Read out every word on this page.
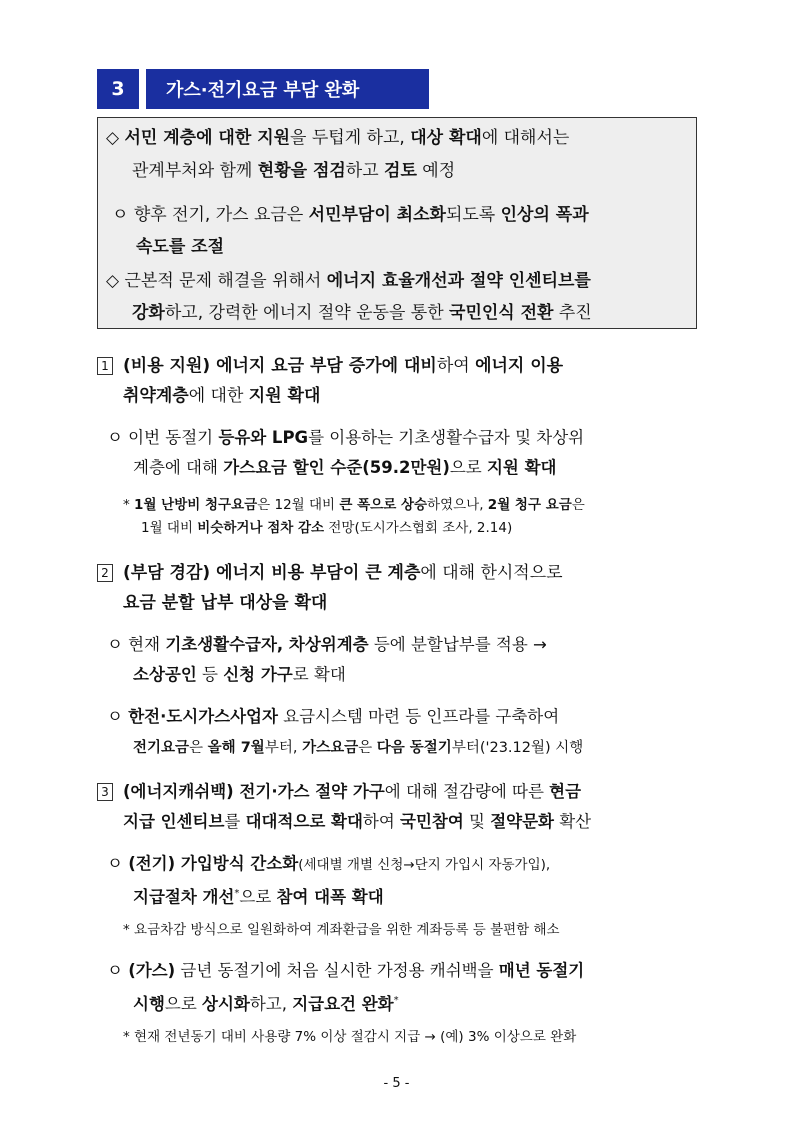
3	가스·전기요금 부담 완화
◇ 서민 계층에 대한 지원을 두텁게 하고, 대상 확대에 대해서는
관계부처와 함께 현황을 점검하고 검토 예정
ㅇ 향후 전기, 가스 요금은 서민부담이 최소화되도록 인상의 폭과
속도를 조절
◇ 근본적 문제 해결을 위해서 에너지 효율개선과 절약 인센티브를
강화하고, 강력한 에너지 절약 운동을 통한 국민인식 전환 추진
1 (비용 지원) 에너지 요금 부담 증가에 대비하여 에너지 이용
취약계층에 대한 지원 확대
ㅇ 이번 동절기 등유와 LPG를 이용하는 기초생활수급자 및 차상위
계층에 대해 가스요금 할인 수준(59.2만원)으로 지원 확대
* 1월 난방비 청구요금은 12월 대비 큰 폭으로 상승하였으나, 2월 청구 요금은
1월 대비 비슷하거나 점차 감소 전망(도시가스협회 조사, 2.14)
2 (부담 경감) 에너지 비용 부담이 큰 계층에 대해 한시적으로
요금 분할 납부 대상을 확대
ㅇ 현재 기초생활수급자, 차상위계층 등에 분할납부를 적용 →
소상공인 등 신청 가구로 확대
ㅇ 한전·도시가스사업자 요금시스템 마련 등 인프라를 구축하여
전기요금은 올해 7월부터, 가스요금은 다음 동절기부터('23.12월) 시행
3 (에너지캐쉬백) 전기·가스 절약 가구에 대해 절감량에 따른 현금
지급 인센티브를 대대적으로 확대하여 국민참여 및 절약문화 확산
ㅇ (전기) 가입방식 간소화(세대별 개별 신청→단지 가입시 자동가입),
지급절차 개선*으로 참여 대폭 확대
* 요금차감 방식으로 일원화하여 계좌환급을 위한 계좌등록 등 불편함 해소
ㅇ (가스) 금년 동절기에 처음 실시한 가정용 캐쉬백을 매년 동절기
시행으로 상시화하고, 지급요건 완화*
* 현재 전년동기 대비 사용량 7% 이상 절감시 지급 → (예) 3% 이상으로 완화
- 5 -
